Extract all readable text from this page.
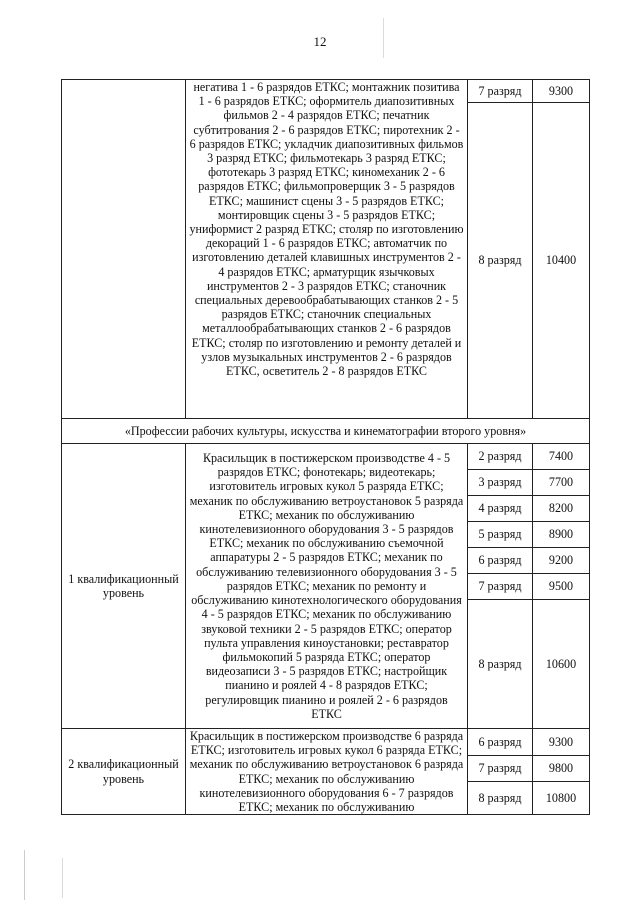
12
	негатива 1 - 6 разрядов ЕТКС; монтажник позитива 1 - 6 разрядов ЕТКС; оформитель диапозитивных фильмов 2 - 4 разрядов ЕТКС; печатник субтитрования 2 - 6 разрядов ЕТКС; пиротехник 2 - 6 разрядов ЕТКС; укладчик диапозитивных фильмов 3 разряд ЕТКС; фильмотекарь 3 разряд ЕТКС; фототекарь 3 разряд ЕТКС; киномеханик 2 - 6 разрядов ЕТКС; фильмопроверщик 3 - 5 разрядов ЕТКС; машинист сцены 3 - 5 разрядов ЕТКС; монтировщик сцены 3 - 5 разрядов ЕТКС; униформист 2 разряд ЕТКС; столяр по изготовлению декораций 1 - 6 разрядов ЕТКС; автоматчик по изготовлению деталей клавишных инструментов 2 - 4 разрядов ЕТКС; арматурщик язычковых инструментов 2 - 3 разрядов ЕТКС; станочник специальных деревообрабатывающих станков 2 - 5 разрядов ЕТКС; станочник специальных металлообрабатывающих станков 2 - 6 разрядов ЕТКС; столяр по изготовлению и ремонту деталей и узлов музыкальных инструментов 2 - 6 разрядов ЕТКС, осветитель 2 - 8 разрядов ЕТКС	7 разряд	9300
		8 разряд	10400
«Профессии рабочих культуры, искусства и кинематографии второго уровня»			
1 квалификационный уровень	Красильщик в постижерском производстве 4 - 5 разрядов ЕТКС; фонотекарь; видеотекарь; изготовитель игровых кукол 5 разряда ЕТКС; механик по обслуживанию ветроустановок 5 разряда ЕТКС; механик по обслуживанию кинотелевизионного оборудования 3 - 5 разрядов ЕТКС; механик по обслуживанию съемочной аппаратуры 2 - 5 разрядов ЕТКС; механик по обслуживанию телевизионного оборудования 3 - 5 разрядов ЕТКС; механик по ремонту и обслуживанию кинотехнологического оборудования 4 - 5 разрядов ЕТКС; механик по обслуживанию звуковой техники 2 - 5 разрядов ЕТКС; оператор пульта управления киноустановки; реставратор фильмокопий 5 разряда ЕТКС; оператор видеозаписи 3 - 5 разрядов ЕТКС; настройщик пианино и роялей 4 - 8 разрядов ЕТКС; регулировщик пианино и роялей 2 - 6 разрядов ЕТКС	2 разряд	7400
		3 разряд	7700
		4 разряд	8200
		5 разряд	8900
		6 разряд	9200
		7 разряд	9500
		8 разряд	10600
2 квалификационный уровень	Красильщик в постижерском производстве 6 разряда ЕТКС; изготовитель игровых кукол 6 разряда ЕТКС; механик по обслуживанию ветроустановок 6 разряда ЕТКС; механик по обслуживанию кинотелевизионного оборудования 6 - 7 разрядов ЕТКС; механик по обслуживанию	6 разряд	9300
		7 разряд	9800
		8 разряд	10800
